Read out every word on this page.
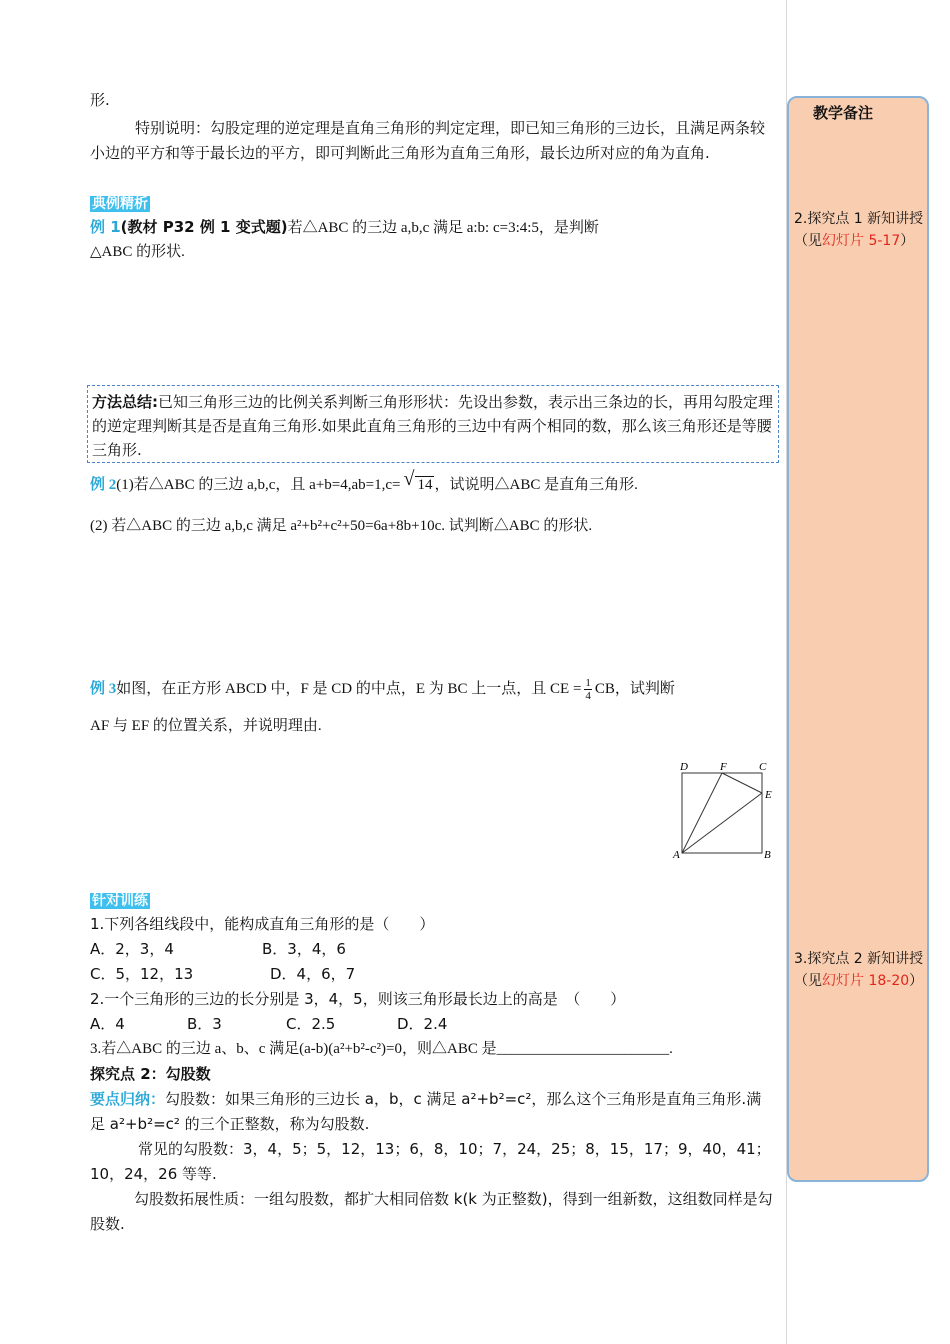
形.
特别说明：勾股定理的逆定理是直角三角形的判定定理，即已知三角形的三边长，且满足两条较小边的平方和等于最长边的平方，即可判断此三角形为直角三角形，最长边所对应的角为直角.
典例精析
例 1(教材 P32 例 1 变式题)若△ABC 的三边 a,b,c 满足 a:b: c=3:4:5，是判断
△ABC 的形状.
方法总结:已知三角形三边的比例关系判断三角形形状：先设出参数，表示出三条边的长，再用勾股定理的逆定理判断其是否是直角三角形.如果此直角三角形的三边中有两个相同的数，那么该三角形还是等腰三角形.
例 2(1)若△ABC 的三边 a,b,c，且 a+b=4,ab=1,c= √ 14 ，试说明△ABC 是直角三角形.
(2) 若△ABC 的三边 a,b,c 满足 a²+b²+c²+50=6a+8b+10c. 试判断△ABC 的形状.
例 3如图，在正方形 ABCD 中，F 是 CD 的中点，E 为 BC 上一点，且 CE = $\frac{1}{4}$ CB，试判断
AF 与 EF 的位置关系，并说明理由.
D	F	C
E
A	B
针对训练
1.下列各组线段中，能构成直角三角形的是（　　）
A．2，3，4	B．3，4，6
C．5，12，13	D．4，6，7
2.一个三角形的三边的长分别是 3，4，5，则该三角形最长边上的高是　（　　）
A．4	B．3	C．2.5	D．2.4
3.若△ABC 的三边 a、b、c 满足(a-b)(a²+b²-c²)=0，则△ABC 是_______________________.
探究点 2：勾股数
要点归纳：勾股数：如果三角形的三边长 a，b，c 满足 a²+b²=c²，那么这个三角形是直角三角形.满足 a²+b²=c² 的三个正整数，称为勾股数.
常见的勾股数：3，4，5；5，12，13；6，8，10；7，24，25；8，15，17；9，40，41；10，24，26 等等.
勾股数拓展性质：一组勾股数，都扩大相同倍数 k(k 为正整数)，得到一组新数，这组数同样是勾股数.
教学备注
2.探究点 1 新知讲授
（见幻灯片 5-17）
3.探究点 2 新知讲授
（见幻灯片 18-20）
